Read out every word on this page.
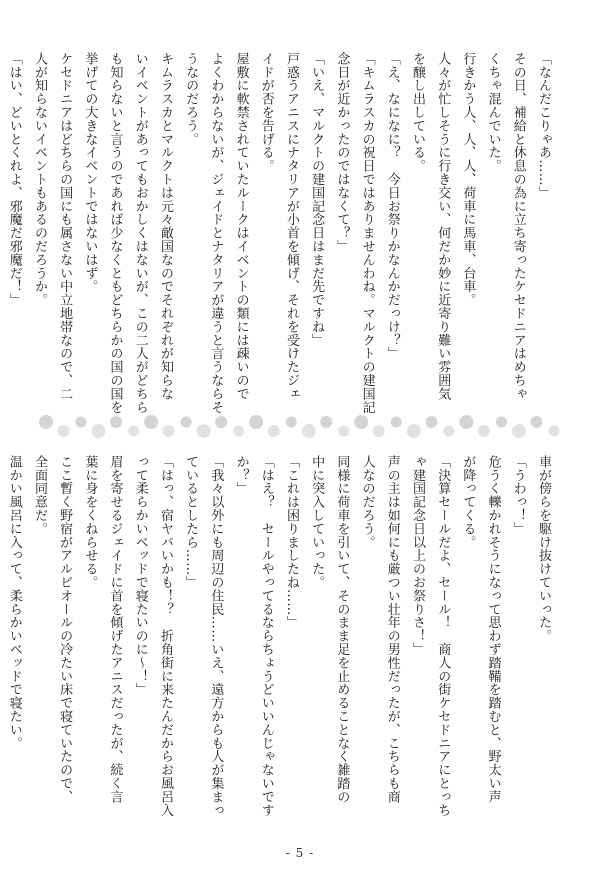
「なんだこりゃあ……」
その日、補給と休息の為に立ち寄ったケセドニアはめちゃ
くちゃ混んでいた。
行きかう人、人、人、荷車に馬車、台車。
人々が忙しそうに行き交い、何だか妙に近寄り難い雰囲気
を醸し出している。
「え、なになに？　今日お祭りかなんかだっけ？」
「キムラスカの祝日ではありませんわね。マルクトの建国記
念日が近かったのではなくて？」
「いえ、マルクトの建国記念日はまだ先ですね」
戸惑うアニスにナタリアが小首を傾げ、それを受けたジェ
イドが否を告げる。
屋敷に軟禁されていたルークはイベントの類には疎いので
よくわからないが、ジェイドとナタリアが違うと言うならそ
うなのだろう。
キムラスカとマルクトは元々敵国なのでそれぞれが知らな
いイベントがあってもおかしくはないが、この二人がどちら
も知らないと言うのであれば少なくともどちらかの国の国を
挙げての大きなイベントではないはず。
ケセドニアはどちらの国にも属さない中立地帯なので、二
人が知らないイベントもあるのだろうか。
「はい、どいとくれよ、邪魔だ邪魔だ！」
車が傍らを駆け抜けていった。
「うわっ！」
危うく轢かれそうになって思わず踏鞴を踏むと、野太い声
が降ってくる。
「決算セールだよ、セール！　商人の街ケセドニアにとっち
ゃ建国記念日以上のお祭りさ！」
声の主は如何にも厳つい壮年の男性だったが、こちらも商
人なのだろう。
同様に荷車を引いて、そのまま足を止めることなく雑踏の
中に突入していった。
「これは困りましたね……」
「はえ？　セールやってるならちょうどいいんじゃないです
か？」
「我々以外にも周辺の住民……いえ、遠方からも人が集まっ
ているとしたら……」
「はっ、宿ヤバいかも！？　折角街に来たんだからお風呂入
って柔らかいベッドで寝たいのに〜！」
眉を寄せるジェイドに首を傾げたアニスだったが、続く言
葉に身をくねらせる。
ここ暫く野宿がアルビオールの冷たい床で寝ていたので、
全面同意だ。
温かい風呂に入って、柔らかいベッドで寝たい。
- 5 -
